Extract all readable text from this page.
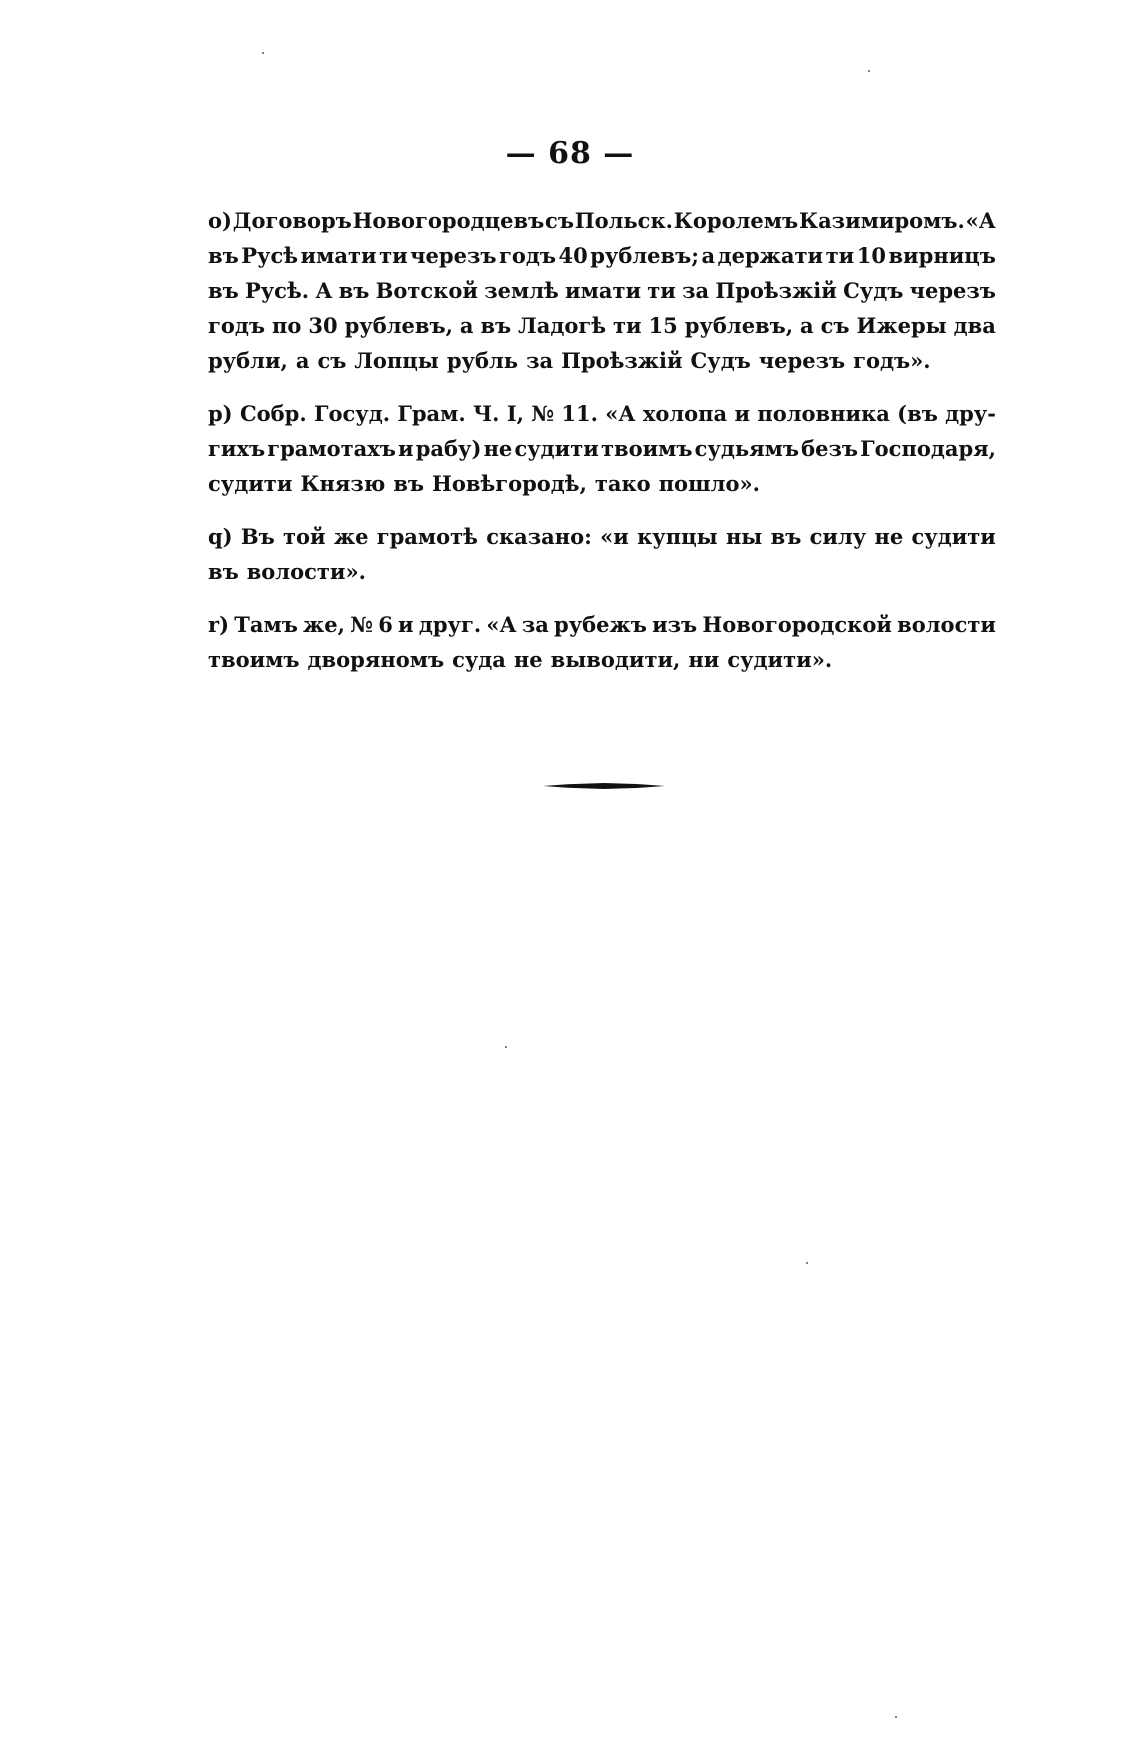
— 68 —
о) Договоръ Новогородцевъ съ Польск. Королемъ Казимиромъ. «А
въ Русѣ имати ти черезъ годъ 40 рублевъ; а держати ти 10 вирницъ
въ Русѣ. А въ Вотской землѣ имати ти за Проѣзжій Судъ черезъ
годъ по 30 рублевъ, а въ Ладогѣ ти 15 рублевъ, а съ Ижеры два
рубли, а съ Лопцы рубль за Проѣзжій Судъ черезъ годъ».
р) Собр. Госуд. Грам. Ч. I, № 11. «А холопа и половника (въ дру-
гихъ грамотахъ и рабу) не судити твоимъ судьямъ безъ Господаря,
судити Князю въ Новѣгородѣ, тако пошло».
q) Въ той же грамотѣ сказано: «и купцы ны въ силу не судити
въ волости».
r) Тамъ же, № 6 и друг. «А за рубежъ изъ Новогородской волости
твоимъ дворяномъ суда не выводити, ни судити».
